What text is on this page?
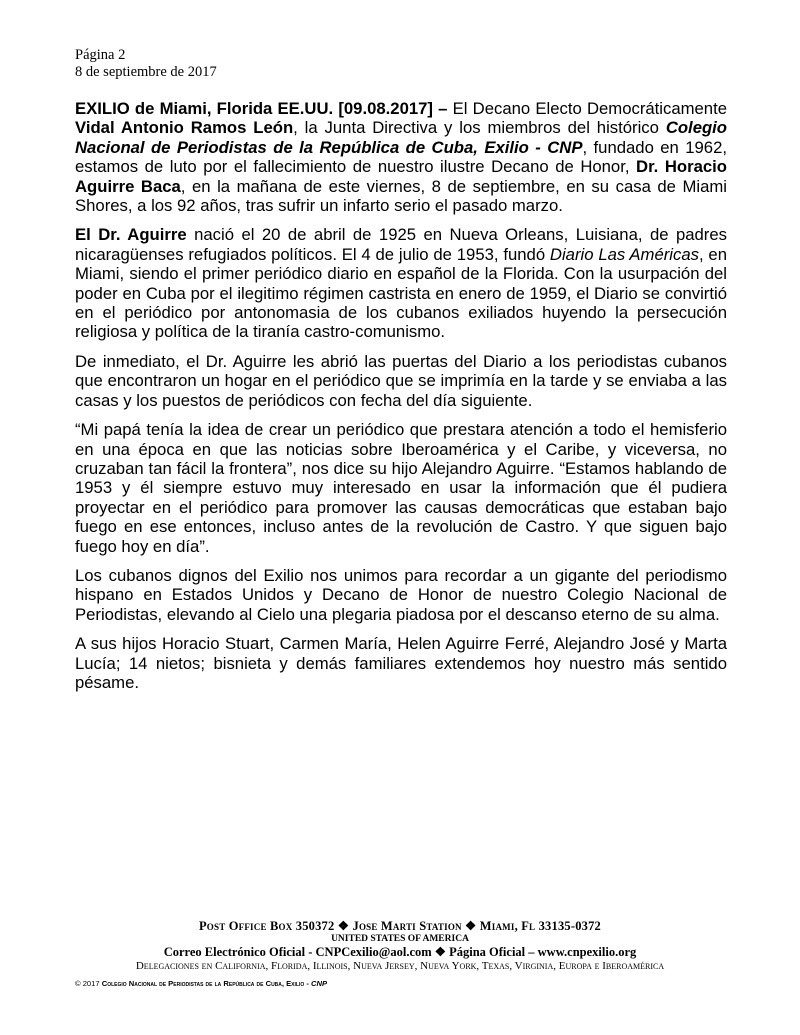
Página 2
8 de septiembre de 2017

EXILIO de Miami, Florida EE.UU. [09.08.2017] – El Decano Electo Democráticamente Vidal Antonio Ramos León, la Junta Directiva y los miembros del histórico Colegio Nacional de Periodistas de la República de Cuba, Exilio - CNP, fundado en 1962, estamos de luto por el fallecimiento de nuestro ilustre Decano de Honor, Dr. Horacio Aguirre Baca, en la mañana de este viernes, 8 de septiembre, en su casa de Miami Shores, a los 92 años, tras sufrir un infarto serio el pasado marzo.

El Dr. Aguirre nació el 20 de abril de 1925 en Nueva Orleans, Luisiana, de padres nicaragüenses refugiados políticos. El 4 de julio de 1953, fundó Diario Las Américas, en Miami, siendo el primer periódico diario en español de la Florida. Con la usurpación del poder en Cuba por el ilegitimo régimen castrista en enero de 1959, el Diario se convirtió en el periódico por antonomasia de los cubanos exiliados huyendo la persecución religiosa y política de la tiranía castro-comunismo.

De inmediato, el Dr. Aguirre les abrió las puertas del Diario a los periodistas cubanos que encontraron un hogar en el periódico que se imprimía en la tarde y se enviaba a las casas y los puestos de periódicos con fecha del día siguiente.

“Mi papá tenía la idea de crear un periódico que prestara atención a todo el hemisferio en una época en que las noticias sobre Iberoamérica y el Caribe, y viceversa, no cruzaban tan fácil la frontera”, nos dice su hijo Alejandro Aguirre. “Estamos hablando de 1953 y él siempre estuvo muy interesado en usar la información que él pudiera proyectar en el periódico para promover las causas democráticas que estaban bajo fuego en ese entonces, incluso antes de la revolución de Castro. Y que siguen bajo fuego hoy en día”.

Los cubanos dignos del Exilio nos unimos para recordar a un gigante del periodismo hispano en Estados Unidos y Decano de Honor de nuestro Colegio Nacional de Periodistas, elevando al Cielo una plegaria piadosa por el descanso eterno de su alma.

A sus hijos Horacio Stuart, Carmen María, Helen Aguirre Ferré, Alejandro José y Marta Lucía; 14 nietos; bisnieta y demás familiares extendemos hoy nuestro más sentido pésame.

Post Office Box 350372 ❖ Jose Marti Station ❖ Miami, Fl 33135-0372
UNITED STATES OF AMERICA
Correo Electrónico Oficial - CNPCexilio@aol.com ❖ Página Oficial – www.cnpexilio.org
Delegaciones en California, Florida, Illinois, Nueva Jersey, Nueva York, Texas, Virginia, Europa e Iberoamérica
© 2017 Colegio Nacional de Periodistas de la República de Cuba, Exilio - CNP
